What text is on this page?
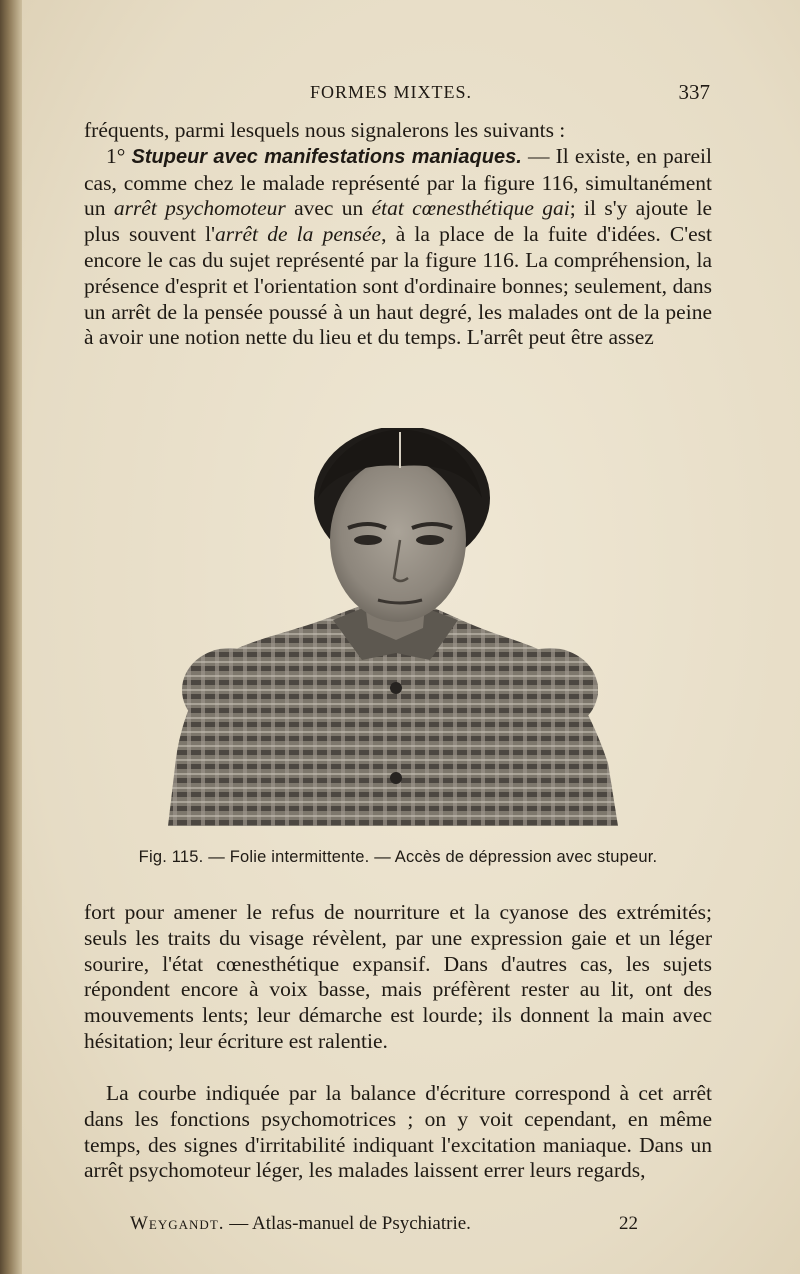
FORMES MIXTES.	337

fréquents, parmi lesquels nous signalerons les suivants :
1° Stupeur avec manifestations maniaques. — Il existe, en pareil cas, comme chez le malade représenté par la figure 116, simultanément un arrêt psychomoteur avec un état cœnesthétique gai; il s'y ajoute le plus souvent l'arrêt de la pensée, à la place de la fuite d'idées. C'est encore le cas du sujet représenté par la figure 116. La compréhension, la présence d'esprit et l'orientation sont d'ordinaire bonnes; seulement, dans un arrêt de la pensée poussé à un haut degré, les malades ont de la peine à avoir une notion nette du lieu et du temps. L'arrêt peut être assez

Fig. 115. — Folie intermittente. — Accès de dépression avec stupeur.

fort pour amener le refus de nourriture et la cyanose des extrémités; seuls les traits du visage révèlent, par une expression gaie et un léger sourire, l'état cœnesthétique expansif. Dans d'autres cas, les sujets répondent encore à voix basse, mais préfèrent rester au lit, ont des mouvements lents; leur démarche est lourde; ils donnent la main avec hésitation; leur écriture est ralentie.

La courbe indiquée par la balance d'écriture correspond à cet arrêt dans les fonctions psychomotrices ; on y voit cependant, en même temps, des signes d'irritabilité indiquant l'excitation maniaque. Dans un arrêt psychomoteur léger, les malades laissent errer leurs regards,

Weygandt. — Atlas-manuel de Psychiatrie.	22
